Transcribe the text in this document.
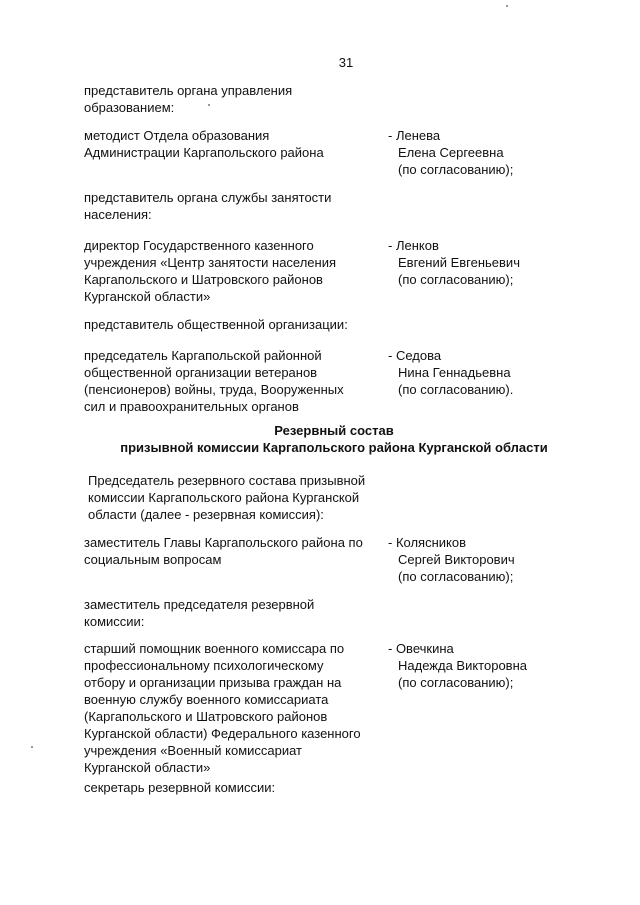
31
представитель органа управления
образованием:
методист Отдела образования
Администрации Каргапольского района
- Ленева
Елена Сергеевна
(по согласованию);
представитель органа службы занятости
населения:
директор Государственного казенного
учреждения «Центр занятости населения
Каргапольского и Шатровского районов
Курганской области»
- Ленков
Евгений Евгеньевич
(по согласованию);
представитель общественной организации:
председатель Каргапольской районной
общественной организации ветеранов
(пенсионеров) войны, труда, Вооруженных
сил и правоохранительных органов
- Седова
Нина Геннадьевна
(по согласованию).
Резервный состав
призывной комиссии Каргапольского района Курганской области
Председатель резервного состава призывной
комиссии Каргапольского района Курганской
области (далее - резервная комиссия):
заместитель Главы Каргапольского района по
социальным вопросам
- Колясников
Сергей Викторович
(по согласованию);
заместитель председателя резервной
комиссии:
старший помощник военного комиссара по
профессиональному психологическому
отбору и организации призыва граждан на
военную службу военного комиссариата
(Каргапольского и Шатровского районов
Курганской области) Федерального казенного
учреждения «Военный комиссариат
Курганской области»
- Овечкина
Надежда Викторовна
(по согласованию);
секретарь резервной комиссии:
